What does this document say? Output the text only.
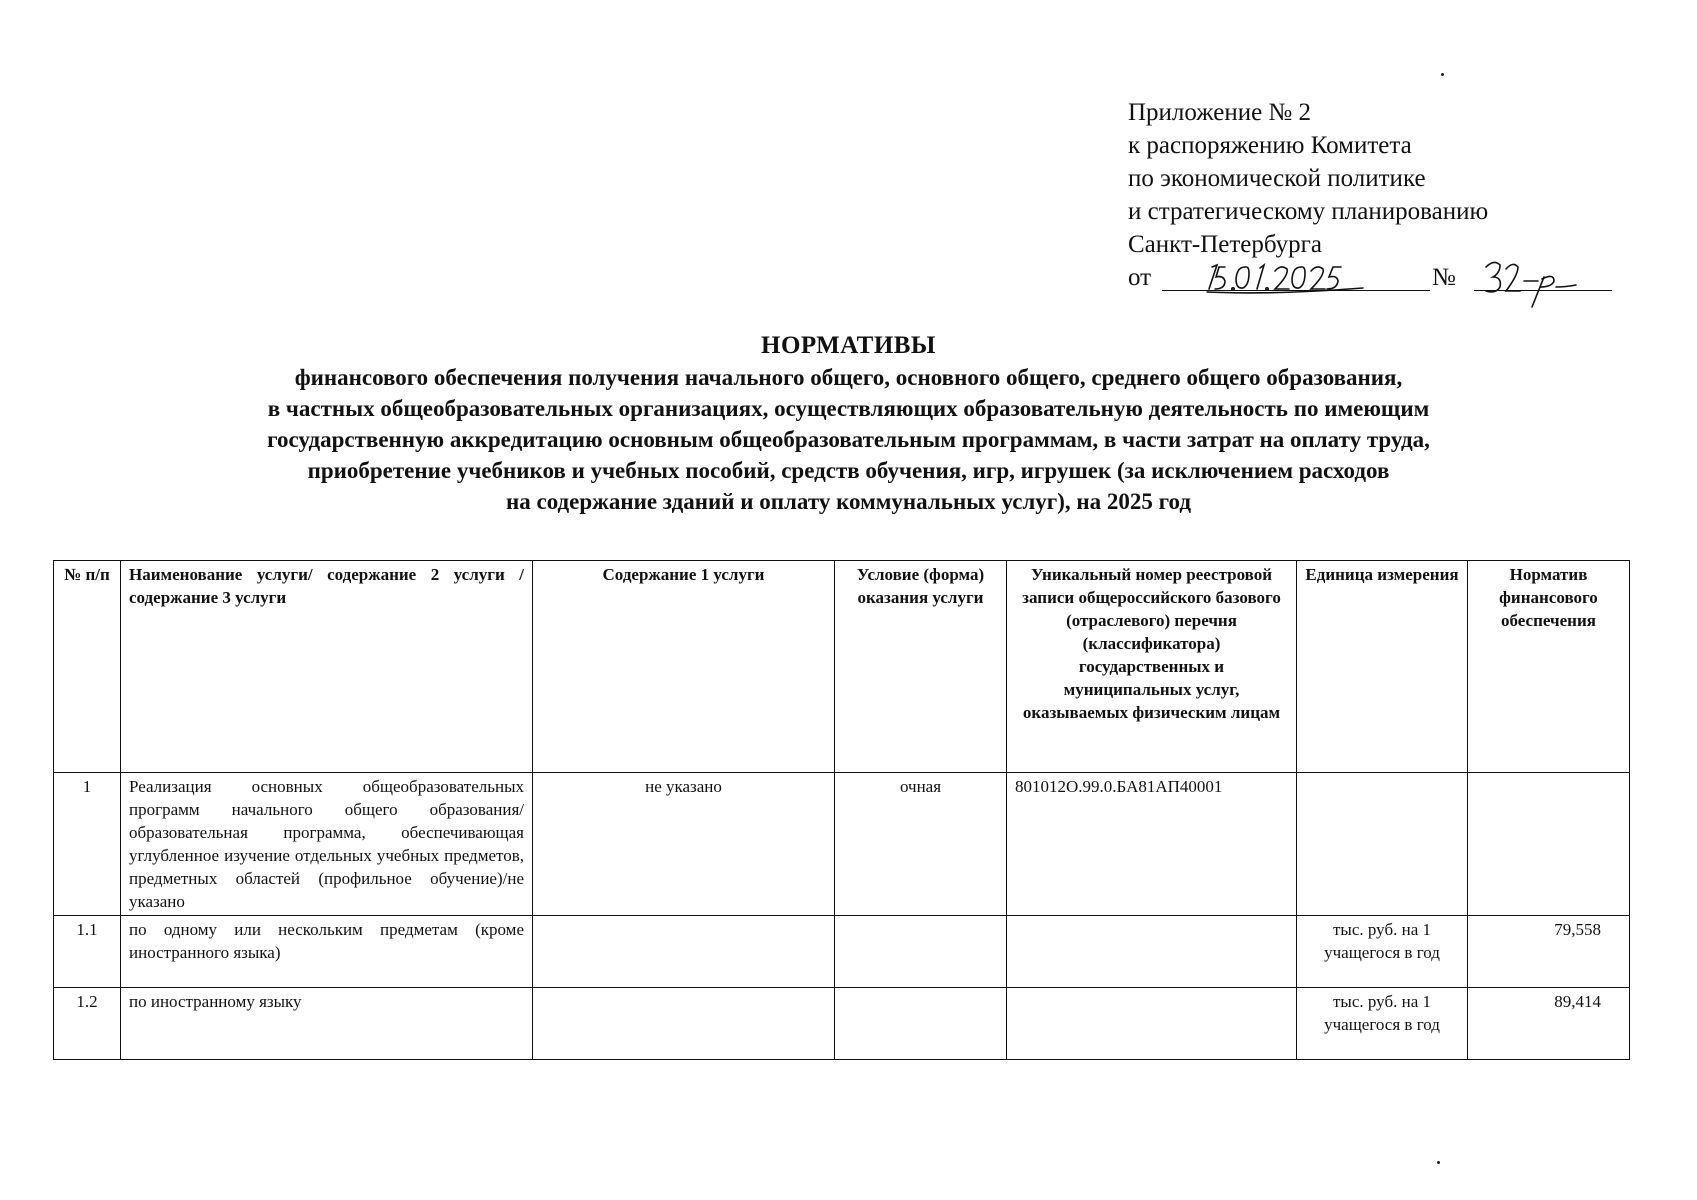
Приложение № 2
к распоряжению Комитета
по экономической политике
и стратегическому планированию
Санкт-Петербурга
от	№
НОРМАТИВЫ
финансового обеспечения получения начального общего, основного общего, среднего общего образования,
в частных общеобразовательных организациях, осуществляющих образовательную деятельность по имеющим
государственную аккредитацию основным общеобразовательным программам, в части затрат на оплату труда,
приобретение учебников и учебных пособий, средств обучения, игр, игрушек (за исключением расходов
на содержание зданий и оплату коммунальных услуг), на 2025 год
№ п/п	Наименование услуги/ содержание 2 услуги / содержание 3 услуги	Содержание 1 услуги	Условие (форма) оказания услуги	Уникальный номер реестровой записи общероссийского базового (отраслевого) перечня (классификатора) государственных и муниципальных услуг, оказываемых физическим лицам	Единица измерения	Норматив финансового обеспечения
1	Реализация основных общеобразовательных программ начального общего образования/образовательная программа, обеспечивающая углубленное изучение отдельных учебных предметов, предметных областей (профильное обучение)/не указано	не указано	очная	801012О.99.0.БА81АП40001		
1.1	по одному или нескольким предметам (кроме иностранного языка)				тыс. руб. на 1 учащегося в год	79,558
1.2	по иностранному языку				тыс. руб. на 1 учащегося в год	89,414
